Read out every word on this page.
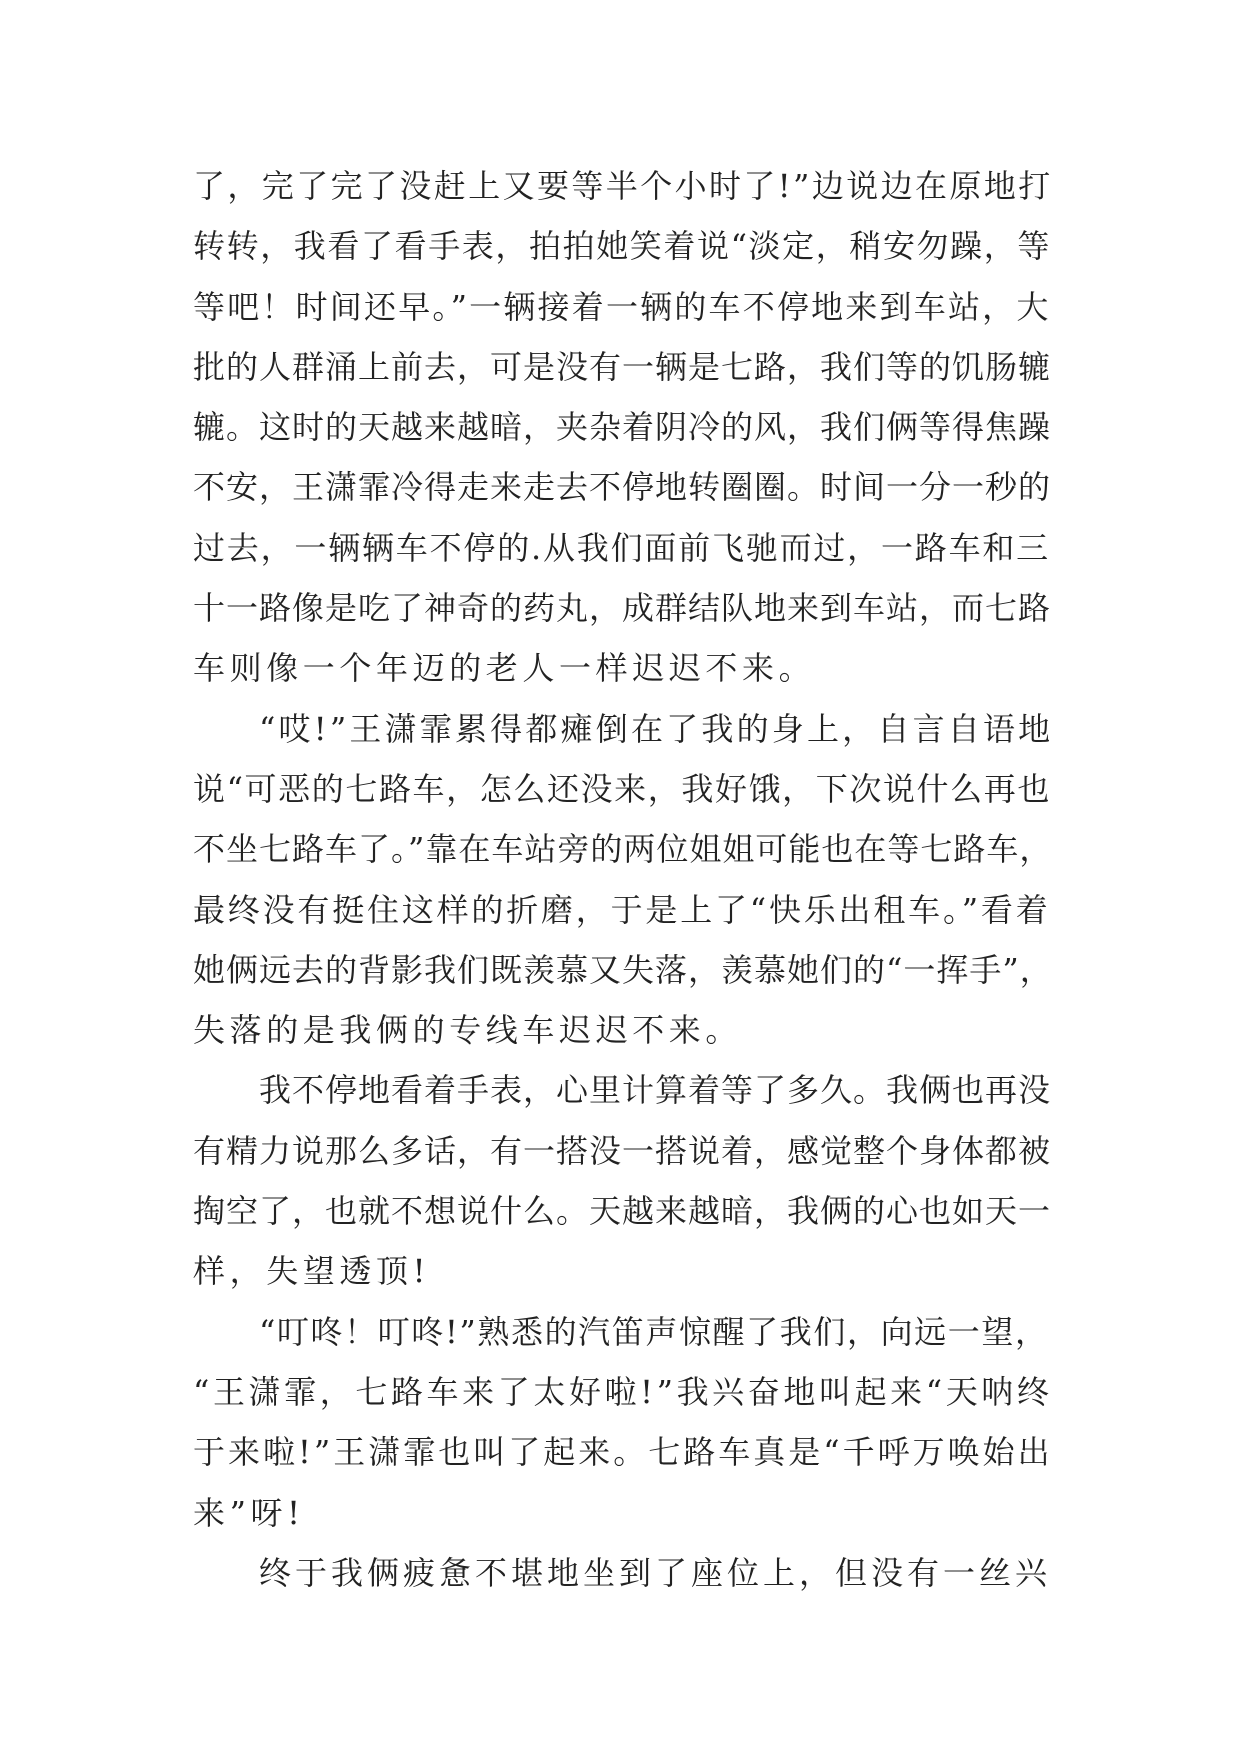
了，完了完了没赶上又要等半个小时了!”边说边在原地打
转转，我看了看手表，拍拍她笑着说“淡定，稍安勿躁，等
等吧！时间还早。”一辆接着一辆的车不停地来到车站，大
批的人群涌上前去，可是没有一辆是七路，我们等的饥肠辘
辘。这时的天越来越暗，夹杂着阴冷的风，我们俩等得焦躁
不安，王潇霏冷得走来走去不停地转圈圈。时间一分一秒的
过去，一辆辆车不停的.从我们面前飞驰而过，一路车和三
十一路像是吃了神奇的药丸，成群结队地来到车站，而七路
车则像一个年迈的老人一样迟迟不来。
“哎!”王潇霏累得都瘫倒在了我的身上，自言自语地
说“可恶的七路车，怎么还没来，我好饿，下次说什么再也
不坐七路车了。”靠在车站旁的两位姐姐可能也在等七路车，
最终没有挺住这样的折磨，于是上了“快乐出租车。”看着
她俩远去的背影我们既羡慕又失落，羡慕她们的“一挥手”，
失落的是我俩的专线车迟迟不来。
我不停地看着手表，心里计算着等了多久。我俩也再没
有精力说那么多话，有一搭没一搭说着，感觉整个身体都被
掏空了，也就不想说什么。天越来越暗，我俩的心也如天一
样，失望透顶!
“叮咚！叮咚!”熟悉的汽笛声惊醒了我们，向远一望，
“王潇霏，七路车来了太好啦!”我兴奋地叫起来“天呐终
于来啦!”王潇霏也叫了起来。七路车真是“千呼万唤始出
来”呀!
终于我俩疲惫不堪地坐到了座位上，但没有一丝兴
